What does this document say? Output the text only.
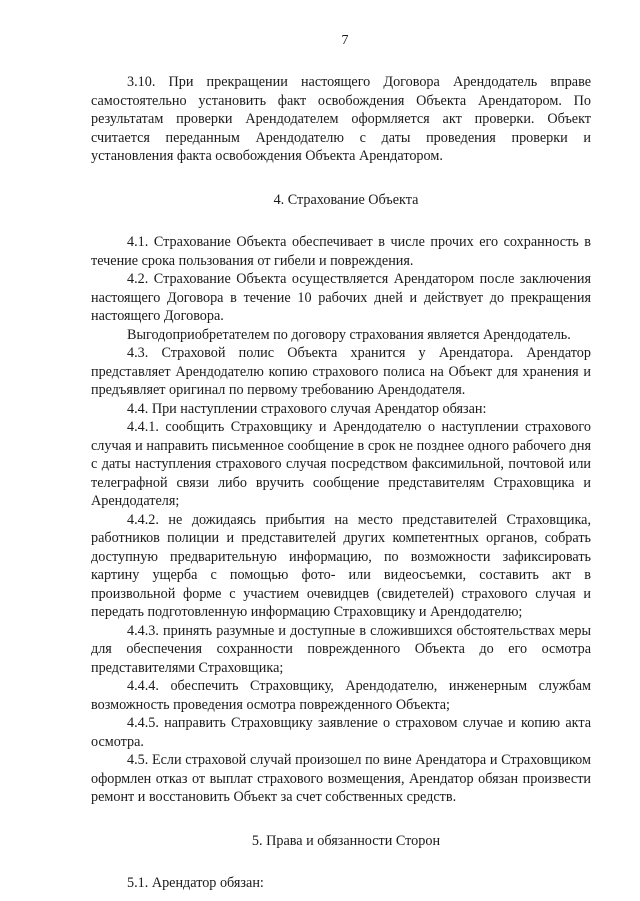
7

3.10. При прекращении настоящего Договора Арендодатель вправе самостоятельно установить факт освобождения Объекта Арендатором. По результатам проверки Арендодателем оформляется акт проверки. Объект считается переданным Арендодателю с даты проведения проверки и установления факта освобождения Объекта Арендатором.

4. Страхование Объекта

4.1. Страхование Объекта обеспечивает в числе прочих его сохранность в течение срока пользования от гибели и повреждения.

4.2. Страхование Объекта осуществляется Арендатором после заключения настоящего Договора в течение 10 рабочих дней и действует до прекращения настоящего Договора.

Выгодоприобретателем по договору страхования является Арендодатель.

4.3. Страховой полис Объекта хранится у Арендатора. Арендатор представляет Арендодателю копию страхового полиса на Объект для хранения и предъявляет оригинал по первому требованию Арендодателя.

4.4. При наступлении страхового случая Арендатор обязан:

4.4.1. сообщить Страховщику и Арендодателю о наступлении страхового случая и направить письменное сообщение в срок не позднее одного рабочего дня с даты наступления страхового случая посредством факсимильной, почтовой или телеграфной связи либо вручить сообщение представителям Страховщика и Арендодателя;

4.4.2. не дожидаясь прибытия на место представителей Страховщика, работников полиции и представителей других компетентных органов, собрать доступную предварительную информацию, по возможности зафиксировать картину ущерба с помощью фото- или видеосъемки, составить акт в произвольной форме с участием очевидцев (свидетелей) страхового случая и передать подготовленную информацию Страховщику и Арендодателю;

4.4.3. принять разумные и доступные в сложившихся обстоятельствах меры для обеспечения сохранности поврежденного Объекта до его осмотра представителями Страховщика;

4.4.4. обеспечить Страховщику, Арендодателю, инженерным службам возможность проведения осмотра поврежденного Объекта;

4.4.5. направить Страховщику заявление о страховом случае и копию акта осмотра.

4.5. Если страховой случай произошел по вине Арендатора и Страховщиком оформлен отказ от выплат страхового возмещения, Арендатор обязан произвести ремонт и восстановить Объект за счет собственных средств.

5. Права и обязанности Сторон

5.1. Арендатор обязан:
